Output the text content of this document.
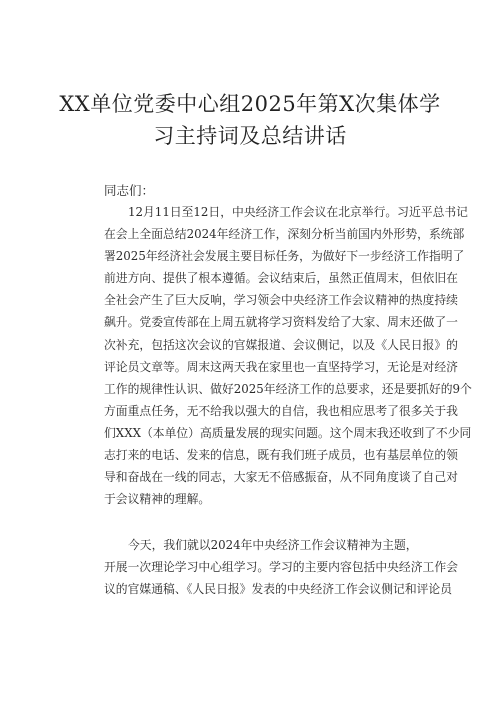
XX单位党委中心组2025年第X次集体学
习主持词及总结讲话
同志们：
12月11日至12日，中央经济工作会议在北京举行。习近平总书记
在会上全面总结2024年经济工作，深刻分析当前国内外形势，系统部
署2025年经济社会发展主要目标任务，为做好下一步经济工作指明了
前进方向、提供了根本遵循。会议结束后，虽然正值周末，但依旧在
全社会产生了巨大反响，学习领会中央经济工作会议精神的热度持续
飙升。党委宣传部在上周五就将学习资料发给了大家、周末还做了一
次补充，包括这次会议的官媒报道、会议侧记，以及《人民日报》的
评论员文章等。周末这两天我在家里也一直坚持学习，无论是对经济
工作的规律性认识、做好2025年经济工作的总要求，还是要抓好的9个
方面重点任务，无不给我以强大的自信，我也相应思考了很多关于我
们XXX（本单位）高质量发展的现实问题。这个周末我还收到了不少同
志打来的电话、发来的信息，既有我们班子成员，也有基层单位的领
导和奋战在一线的同志，大家无不倍感振奋，从不同角度谈了自己对
于会议精神的理解。
今天，我们就以2024年中央经济工作会议精神为主题，
开展一次理论学习中心组学习。学习的主要内容包括中央经济工作会
议的官媒通稿、《人民日报》发表的中央经济工作会议侧记和评论员
